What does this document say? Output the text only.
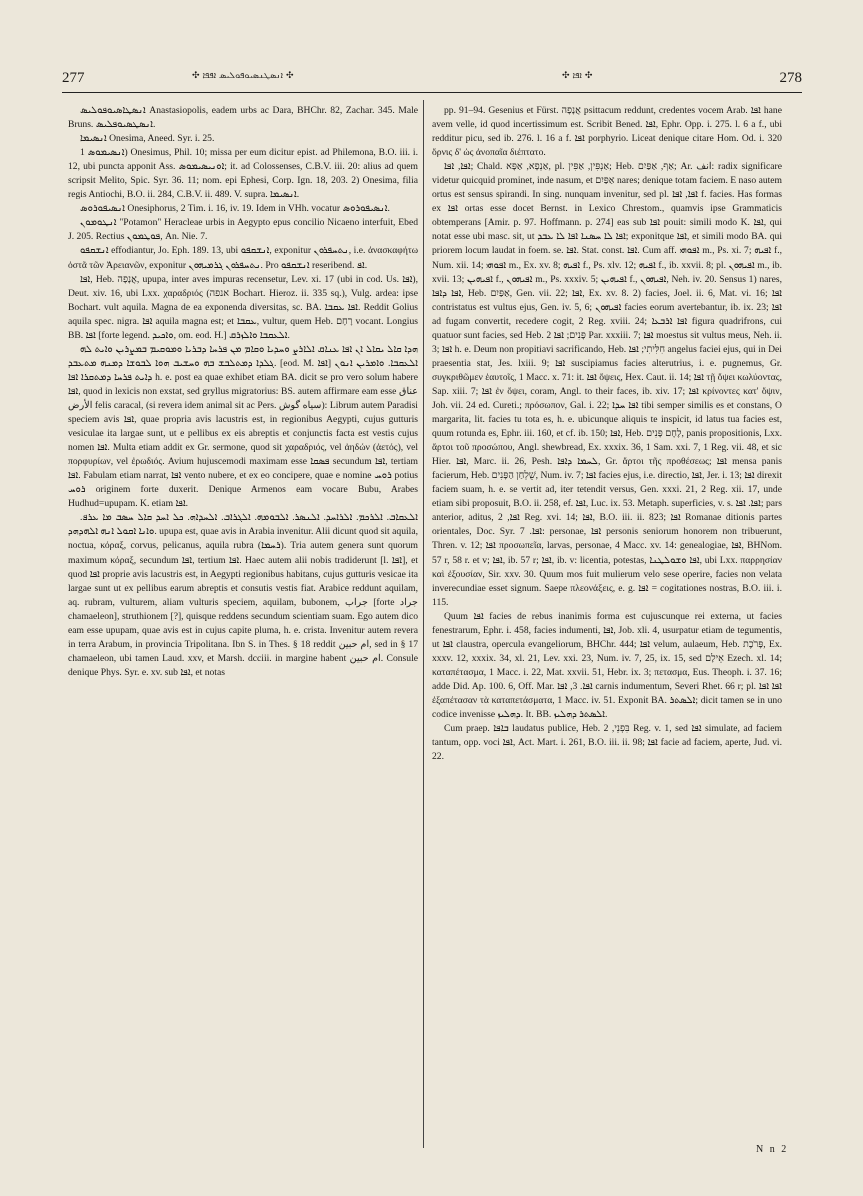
277	✣ ܐܢܣܛܢܣܝܘܦܘܠܝܣ ܐܦܦܐ ✣	✣ ܐܦܐ ✣	278

ܐܢܣܛܐܣܝܘܦܘܠܝܣ Anastasiopolis, eadem urbs ac Dara, BHChr. 82, Zachar. 345. Male Bruns. ܐܢܣܛܣܝܘܦܠܝܣ.

ܐܢܣܝܡܐ Onesima, Aneed. Syr. i. 25.

ܐܢܣܝܡܘܣ 1) Onesimus, Phil. 10; missa per eum dicitur epist. ad Philemona, B.O. iii. i. 12, ubi puncta apponit Ass. ܐܘܢܝܣܝܡܘܣ; it. ad Colossenses, C.B.V. iii. 20: alius ad quem scripsit Melito, Spic. Syr. 36. 11; nom. epi Ephesi, Corp. Ign. 18, 203. 2) Onesima, filia regis Antiochi, B.O. ii. 284, C.B.V. ii. 489. V. supra. ܐܢܣܝܡܐ.

ܐܢܣܝܦܘܪܘܣ Onesiphorus, 2 Tim. i. 16, iv. 19. Idem in VHh. vocatur ܐܢܣܝܦܘܪܘܣ.

ܐܢܛܘܡܘܢ "Potamon" Heracleae urbis in Aegypto epus concilio Nicaeno interfuit, Ebed J. 205. Rectius ܦܘܛܡܘܢ, An. Nie. 7.

ܐܢܫܩܦܘ effodiantur, Jo. Eph. 189. 13, ubi ܐܢܫܩܦܘ, exponitur ܢܬܚܦܪܘܢ, i.e. ἀνασκαφήτω ὀστᾶ τῶν Ἀρειανῶν, exponitur ܢܬܚܦܪܘܢ ܓܪܡܝܗܘܢ. Pro ܐܢܫܩܦܘ reseribend. ܐܦ.

ܐܦܐ, Heb. אֲנָפָה, upupa, inter aves impuras recensetur, Lev. xi. 17 (ubi in cod. Us. ܐܦܐ), Deut. xiv. 16, ubi Lxx. χαραδριός (אנפה Bochart. Hieroz. ii. 335 sq.), Vulg. ardea: ipse Bochart. vult aquila. Magna de ea exponenda diversitas, sc. BA. ܐܦܐ ܥܩܒܐ. Reddit Golius aquila spec. nigra. ܐܦܐ aquila magna est; et ܥܩܒܐ, vultur, quem Heb. רָחָם vocant. Longius BB. ܐܦܐ [forte legend. ܘܐܟܝܕ, om. eod. H.] ܐܠܥܩܒܐ ܘܐܠܙܪܩ.

ܗܕܐ ܩܐܠ ܝܩܐܠ ܐܢ ܐܦܐ ܥܢܐܩ ܐܠܐܪܨ ܘܚܕܝܐ ܘܩܐܡ ܡܢ ܦܪܚܐ ܕܒܪܝܐ ܘܡܘܩܝܡ ܒܡܨܪܝܢ ܘܐܝܬ ܠܗ ܓܠܕܐ ܕܡܬܠܒܫ ܒܗ ܘܚܫܝܒ ܗܘܐ ܠܒܘܫܐ ܕܡܢܗ ܡܬܥܒܕ. [eod. M. ܐܦܐ] ܐܠܥܩܒܐ. ܘܐܡܪܝܢ ܐܢܘܢ ܕܐܝܬ ܦܪܚܐ ܕܡܬܩܪܐ ܐܦܐ h. e. post ea quae exhibet etiam BA. dicit se pro vero solum habere ܐܦܐ, quod in lexicis non exstat, sed gryllus migratorius: BS. autem affirmare eam esse عناق الأرض felis caracal, (si revera idem animal sit ac Pers. سياه گوش): Librum autem Paradisi speciem avis ܐܦܐ, quae propria avis lacustris est, in regionibus Aegypti, cujus gutturis vesiculae ita largae sunt, ut e pellibus ex eis abreptis et conjunctis facta est vestis cujus nomen ܐܦܐ. Multa etiam addit ex Gr. sermone, quod sit χαραδριός, vel ἀηδών (ἀετός), vel πορφυρίων, vel ἐρωδιός. Avium hujuscemodi maximam esse ܦܣܩܐ secundum ܐܦܐ, tertiam ܐܦܐ. Fabulam etiam narrat, ܐܦܐ vento nubere, et ex eo concipere, quae e nomine ܪܘܚ potius ܪܘܚ originem forte duxerit. Denique Armenos eam vocare Bubu, Arabes Hudhud=upupam. K. etiam ܐܦܐ.

ܐܠܥܩܐܒ. ܐܠܪܟܡ. ܐܠܪܐܚܕ. ܐܠܢܣܪ. ܐܠܒܘܡܗ. ܐܠܓܪܐܒ. ܐܠܚܕܐܗ. ܟܠ ܐܚܕ ܩܐܠ ܚܣܒ ܡܐ ܥܪܦ. ܘܐܢܐ ܐܩܘܠ ܐܢܗ ܐܠܗܕܗܕ. upupa est, quae avis in Arabia invenitur. Alii dicunt quod sit aquila, noctua, κόραξ, corvus, pelicanus, aquila rubra (ܪܚܡܐ). Tria autem genera sunt quorum maximum κόραξ, secundum ܐܦܐ, tertium ܐܦܐ. Haec autem alii nobis tradiderunt [l. ܐܦܐ], et quod ܐܦܐ proprie avis lacustris est, in Aegypti regionibus habitans, cujus gutturis vesicae ita largae sunt ut ex pellibus earum abreptis et consutis vestis fiat. Arabice reddunt aquilam, aq. rubram, vulturem, aliam vulturis speciem, aquilam, bubonem, جراب [forte جراد chamaeleon], struthionem [?], quisque reddens secundum scientiam suam. Ego autem dico eam esse upupam, quae avis est in cujus capite pluma, h. e. crista. Invenitur autem revera in terra Arabum, in provincia Tripolitana. Ibn S. in Thes. § 18 reddit ام حبين, sed in § 17 chamaeleon, ubi tamen Laud. xxv, et Marsh. dcciii. in margine habent ام حبين. Consule denique Phys. Syr. e. xv. sub ܐܦܐ, et notas

pp. 91–94. Gesenius et Fürst. אֲנָפָה psittacum reddunt, credentes vocem Arab. ܐܦܐ hane avem velle, id quod incertissimum est. Scribit Bened. ܐܦܐ, Ephr. Opp. i. 275. l. 6 a f., ubi redditur picu, sed ib. 276. l. 16 a f. ܐܦܐ porphyrio. Liceat denique citare Hom. Od. i. 320 ὄρνις δ' ὡς ἀνοπαῖα διέπτατο.

ܐܦܐ, ܐܦܐ; Chald. אַנְפָא, אַפָּא, pl. אַנְפִּין, אַפִּין; Heb. אַף, אַפַּיִם; Ar. انف: radix significare videtur quicquid prominet, inde nasum, et אַפַּיִם nares; denique totam faciem. E naso autem ortus est sensus spirandi. In sing. nunquam invenitur, sed pl. ܐܦܐ, ܐܦܐ f. facies. Has formas ex ܐܦܐ ortas esse docet Bernst. in Lexico Chrestom., quamvis ipse Grammaticis obtemperans [Amir. p. 97. Hoffmann. p. 274] eas sub ܐܦܐ pouit: simili modo K. ܐܦܐ, qui notat esse ubi masc. sit, ut ܐܦܐ ܠܐ ܚܣܢܐ ܐܦܐ ܠܐ ܥܒܕ; exponitque ܐܦܐ, et simili modo BA. qui priorem locum laudat in foem. se. ܐܦܐ. Stat. const. ܐܦܐ. Cum aff. ܐܦܘܗܝ m., Ps. xi. 7; ܐܦܝܗ f., Num. xii. 14; ܐܦܘܗܝ m., Ex. xv. 8; ܐܦܝܗ f., Ps. xlv. 12; ܐܦܝܗ f., ib. xxvii. 8; pl. ܐܦܝܗܘܢ m., ib. xvii. 13; ܐܦܝܗܝܢ f., ܐܦܝܗܘܢ m., Ps. xxxiv. 5; ܐܦܝܗܝܢ f., ܐܦܝܗܘܢ, Neh. iv. 20. Sensus 1) nares, ܐܦܐ ܕܐܦܐ, Heb. אַפַּיִם, Gen. vii. 22; ܐܦܐ, Ex. xv. 8. 2) facies, Joel. ii. 6, Mat. vi. 16; ܐܦܐ contristatus est vultus ejus, Gen. iv. 5, 6; ܐܦܝܗܘܢ facies eorum avertebantur, ib. ix. 23; ܐܦܐ ad fugam convertit, recedere cogit, 2 Reg. xviii. 24; ܐܦܐ ܐܪܒܥܐ figura quadrifrons, cui quatuor sunt facies, sed Heb. פָּנִים; ܐܦܐ 2 Par. xxxiii. 7; ܐܦܐ moestus sit vultus meus, Neh. ii. 3; ܐܦܐ h. e. Deum non propitiavi sacrificando, Heb. חִלִּיתִי; ܐܦܐ angelus faciei ejus, qui in Dei praesentia stat, Jes. lxiii. 9; ܐܦܐ suscipiamus facies alterutrius, i. e. pugnemus, Gr. συγκριθῶμεν ἑαυτοῖς, 1 Macc. x. 71: it. ܐܦܐ ὄψεις, Hex. Caut. ii. 14; ܐܦܐ τῇ ὄψει κωλύοντας, Sap. xiii. 7; ܐܦܐ ἐν ὄψει, coram, Angl. to their faces, ib. xiv. 17; ܐܦܐ κρίνοντες κατ' ὄψιν, Joh. vii. 24 ed. Cureti.; πρόσωπον, Gal. i. 22; ܐܦܐ ܚܕܐ tibi semper similis es et constans, O margarita, lit. facies tu tota es, h. e. ubicunque aliquis te inspicit, id latus tua facies est, quum rotunda es, Ephr. iii. 160, et cf. ib. 150; ܐܦܐ, Heb. לֶחֶם פָּנִים, panis propositionis, Lxx. ἄρτοι τοῦ προσώπου, Angl. shewbread, Ex. xxxix. 36, 1 Sam. xxi. 7, 1 Reg. vii. 48, et sic Hier. ܐܦܐ, Marc. ii. 26, Pesh. ܠܚܡܐ ܕܐܦܐ, Gr. ἄρτοι τῆς προθέσεως; ܐܦܐ mensa panis facierum, Heb. שֻׁלְחַן הַפָּנִים, Num. iv. 7; ܐܦܐ facies ejus, i.e. directio, ܐܦܐ, Jer. i. 13; ܐܦܐ direxit faciem suam, h. e. se vertit ad, iter tetendit versus, Gen. xxxi. 21, 2 Reg. xii. 17, unde etiam sibi proposuit, B.O. ii. 258, ef. ܐܦܐ, Luc. ix. 53. Metaph. superficies, v. s. ܐܦܐ. ܐܦܐ; pars anterior, aditus, ܐܦܐ, 2 Reg. xvi. 14; ܐܦܐ, B.O. iii. ii. 823; ܐܦܐ Romanae ditionis partes orientales, Doc. Syr. ܐܦܐ. 7: personae, ܐܦܐ personis seniorum honorem non tribuerunt, Thren. v. 12; ܐܦܐ προσωπεῖα, larvas, personae, 4 Macc. xv. 14: genealogiae, ܐܦܐ, BHNom. 57 r, 58 r. et v; ܐܦܐ, ib. 57 r; ܐܦܐ, ib. v: licentia, potestas, ܐܦܐ ܘܫܘܠܛܢܐ, ubi Lxx. παρρησίαν καὶ ἐξουσίαν, Sir. xxv. 30. Quum mos fuit mulierum velo sese operire, facies non velata inverecundiae esset signum. Saepe πλεονάξεις, e. g. ܐܦܐ = cogitationes nostras, B.O. iii. i. 115.

Quum ܐܦܐ facies de rebus inanimis forma est cujuscunque rei externa, ut facies fenestrarum, Ephr. i. 458, facies indumenti, ܐܦܐ, Job. xli. 4, usurpatur etiam de tegumentis, ut ܐܦܐ claustra, opercula evangeliorum, BHChr. 444; ܐܦܐ velum, aulaeum, Heb. פָּרֹכֶת, Ex. xxxv. 12, xxxix. 34, xl. 21, Lev. xxi. 23, Num. iv. 7, 25, ix. 15, sed אֵילָם Ezech. xl. 14; καταπέτασμα, 1 Macc. i. 22, Mat. xxvii. 51, Hebr. ix. 3; πετασμα, Eus. Theoph. i. 37. 16; adde Did. Ap. 100. 6, Off. Mar. ܐܦܐ. 3, ܐܦܐ carnis indumentum, Severi Rhet. 66 r; pl. ܐܦܐ ܐܦܐ ἐξαπέτασαν τὰ καταπετάσματα, 1 Macc. iv. 51. Exponit BA. ܐܠܣܬܪ; dicit tamen se in uno codice invenisse ܕܗܠܝܙ. It. BB. ܐܠܣܬܪ ܕܗܠܝܙ.

Cum praep. ܒܐܦܐ laudatus publice, Heb. בִּפְנֵי, 2 Reg. v. 1, sed ܐܦܐ simulate, ad faciem tantum, opp. voci ܐܦܐ, Act. Mart. i. 261, B.O. iii. ii. 98; ܐܦܐ facie ad faciem, aperte, Jud. vi. 22.

N n 2
